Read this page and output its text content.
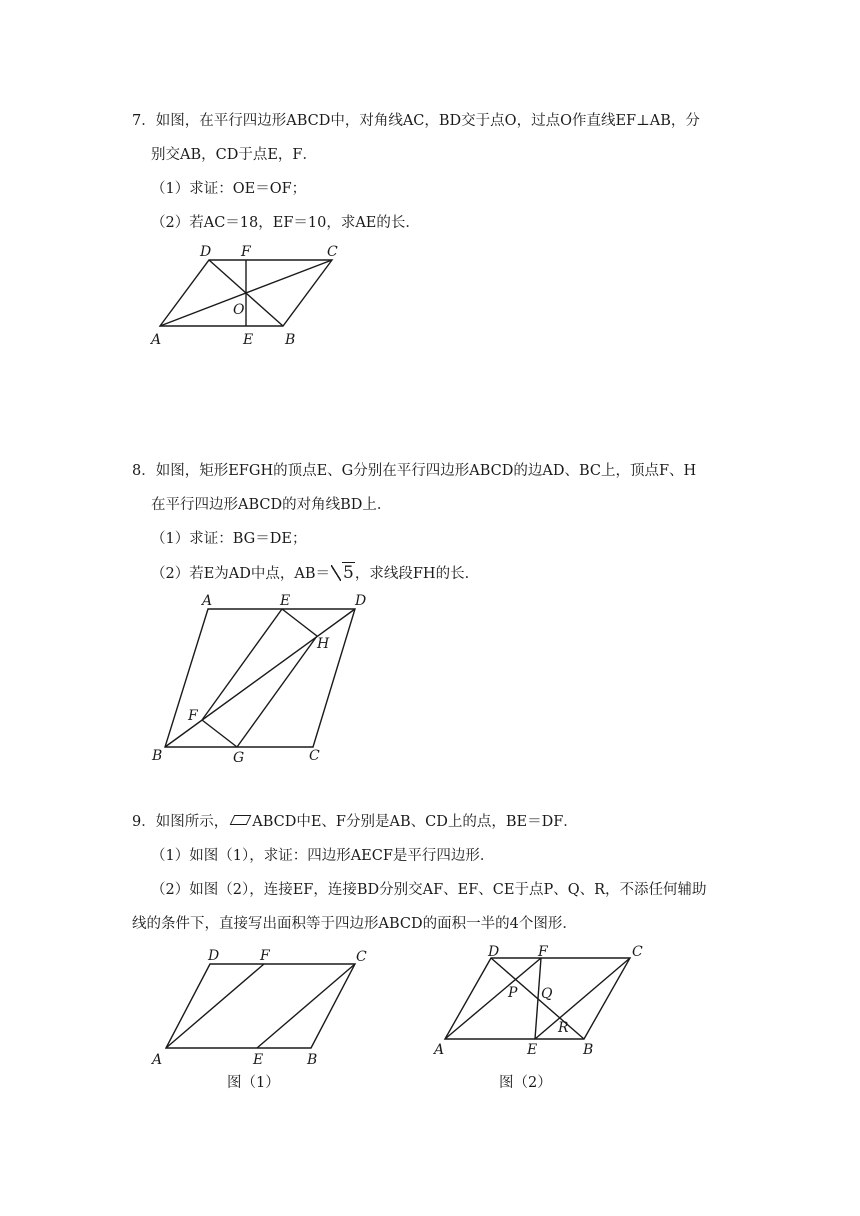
7．如图，在平行四边形ABCD中，对角线AC，BD交于点O，过点O作直线EF⊥AB，分
别交AB，CD于点E，F．
（1）求证：OE＝OF；
（2）若AC＝18，EF＝10，求AE的长．
D F	C
O
A	E B
8．如图，矩形EFGH的顶点E、G分别在平行四边形ABCD的边AD、BC上，顶点F、H
在平行四边形ABCD的对角线BD上．
（1）求证：BG＝DE；
（2）若E为AD中点，AB＝ 5，求线段FH的长．
A	E	D
H
F
B	G	C
9．如图所示， ABCD中E、F分别是AB、CD上的点，BE＝DF．
（1）如图（1），求证：四边形AECF是平行四边形．
（2）如图（2），连接EF，连接BD分别交AF、EF、CE于点P、Q、R，不添任何辅助
线的条件下，直接写出面积等于四边形ABCD的面积一半的4个图形．
D	F	C
A	E	B
图（1）
D	F	C
P Q
R
A	E	B
图（2）
